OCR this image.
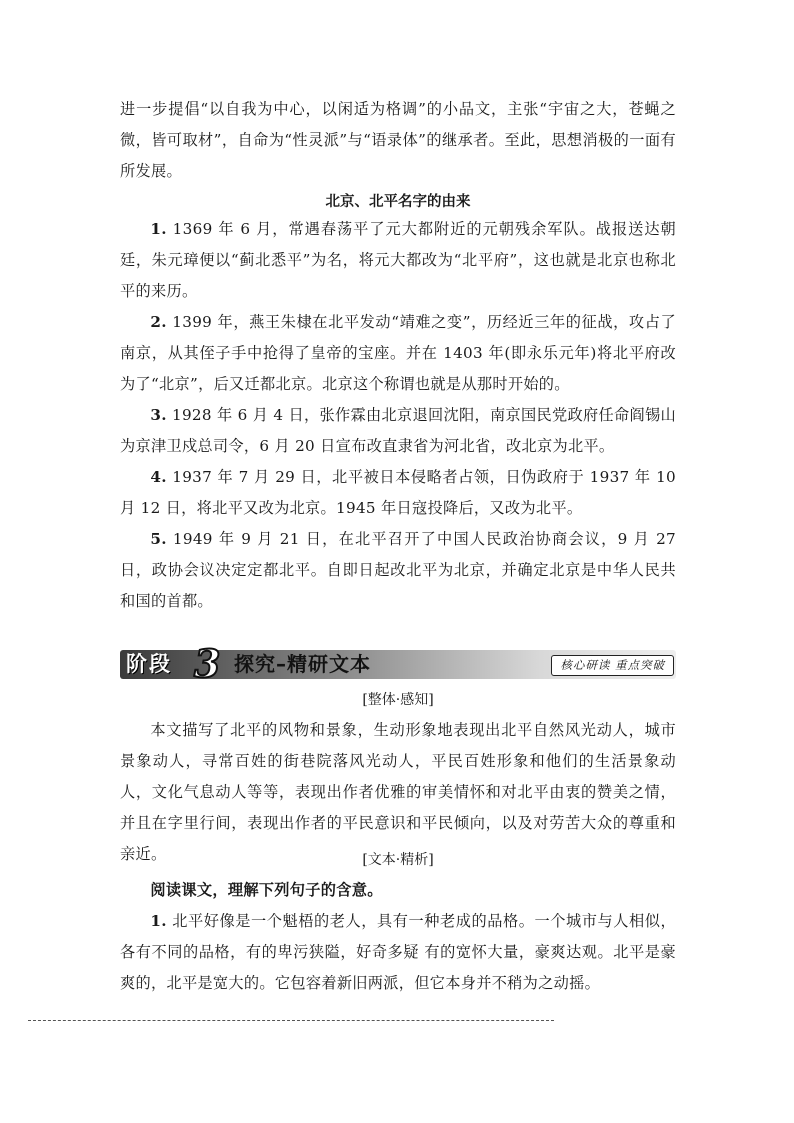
进一步提倡“以自我为中心，以闲适为格调”的小品文，主张“宇宙之大，苍蝇之微，皆可取材”，自命为“性灵派”与“语录体”的继承者。至此，思想消极的一面有所发展。

北京、北平名字的由来

1. 1369 年 6 月，常遇春荡平了元大都附近的元朝残余军队。战报送达朝廷，朱元璋便以“蓟北悉平”为名，将元大都改为“北平府”，这也就是北京也称北平的来历。

2. 1399 年，燕王朱棣在北平发动“靖难之变”，历经近三年的征战，攻占了南京，从其侄子手中抢得了皇帝的宝座。并在 1403 年(即永乐元年)将北平府改为了“北京”，后又迁都北京。北京这个称谓也就是从那时开始的。

3. 1928 年 6 月 4 日，张作霖由北京退回沈阳，南京国民党政府任命阎锡山为京津卫戍总司令，6 月 20 日宣布改直隶省为河北省，改北京为北平。

4. 1937 年 7 月 29 日，北平被日本侵略者占领，日伪政府于 1937 年 10 月 12 日，将北平又改为北京。1945 年日寇投降后，又改为北平。

5. 1949 年 9 月 21 日，在北平召开了中国人民政治协商会议，9 月 27 日，政协会议决定定都北平。自即日起改北平为北京，并确定北京是中华人民共和国的首都。

阶段 3 探究–精研文本	核心研读 重点突破

[整体·感知]

本文描写了北平的风物和景象，生动形象地表现出北平自然风光动人，城市景象动人，寻常百姓的街巷院落风光动人，平民百姓形象和他们的生活景象动人，文化气息动人等等，表现出作者优雅的审美情怀和对北平由衷的赞美之情，并且在字里行间，表现出作者的平民意识和平民倾向，以及对劳苦大众的尊重和亲近。	[文本·精析]

阅读课文，理解下列句子的含意。

1. 北平好像是一个魁梧的老人，具有一种老成的品格。一个城市与人相似，各有不同的品格，有的卑污狭隘，好奇多疑 有的宽怀大量，豪爽达观。北平是豪爽的，北平是宽大的。它包容着新旧两派，但它本身并不稍为之动摇。
